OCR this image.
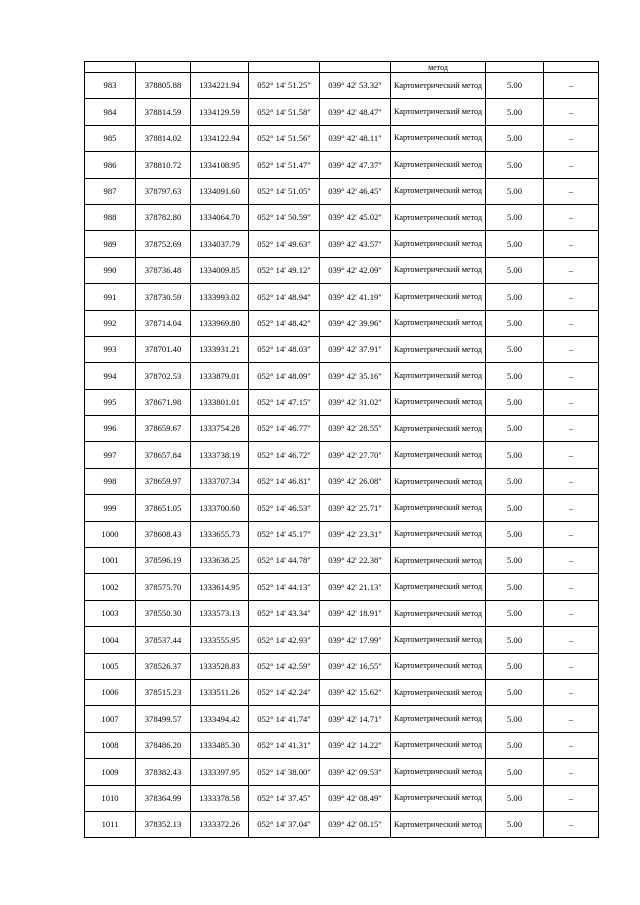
					метод		
983	378805.88	1334221.94	052° 14' 51.25"	039° 42' 53.32"	Картометрический метод	5.00	–
984	378814.59	1334129.59	052° 14' 51.58"	039° 42' 48.47"	Картометрический метод	5.00	–
985	378814.02	1334122.94	052° 14' 51.56"	039° 42' 48.11"	Картометрический метод	5.00	–
986	378810.72	1334108.95	052° 14' 51.47"	039° 42' 47.37"	Картометрический метод	5.00	–
987	378797.63	1334091.60	052° 14' 51.05"	039° 42' 46.45"	Картометрический метод	5.00	–
988	378782.80	1334064.70	052° 14' 50.59"	039° 42' 45.02"	Картометрический метод	5.00	–
989	378752.69	1334037.79	052° 14' 49.63"	039° 42' 43.57"	Картометрический метод	5.00	–
990	378736.48	1334009.85	052° 14' 49.12"	039° 42' 42.09"	Картометрический метод	5.00	–
991	378730.59	1333993.02	052° 14' 48.94"	039° 42' 41.19"	Картометрический метод	5.00	–
992	378714.04	1333969.80	052° 14' 48.42"	039° 42' 39.96"	Картометрический метод	5.00	–
993	378701.40	1333931.21	052° 14' 48.03"	039° 42' 37.91"	Картометрический метод	5.00	–
994	378702.53	1333879.01	052° 14' 48.09"	039° 42' 35.16"	Картометрический метод	5.00	–
995	378671.98	1333801.01	052° 14' 47.15"	039° 42' 31.02"	Картометрический метод	5.00	–
996	378659.67	1333754.28	052° 14' 46.77"	039° 42' 28.55"	Картометрический метод	5.00	–
997	378657.84	1333738.19	052° 14' 46.72"	039° 42' 27.70"	Картометрический метод	5.00	–
998	378659.97	1333707.34	052° 14' 46.81"	039° 42' 26.08"	Картометрический метод	5.00	–
999	378651.05	1333700.60	052° 14' 46.53"	039° 42' 25.71"	Картометрический метод	5.00	–
1000	378608.43	1333655.73	052° 14' 45.17"	039° 42' 23.31"	Картометрический метод	5.00	–
1001	378596.19	1333638.25	052° 14' 44.78"	039° 42' 22.38"	Картометрический метод	5.00	–
1002	378575.70	1333614.95	052° 14' 44.13"	039° 42' 21.13"	Картометрический метод	5.00	–
1003	378550.30	1333573.13	052° 14' 43.34"	039° 42' 18.91"	Картометрический метод	5.00	–
1004	378537.44	1333555.95	052° 14' 42.93"	039° 42' 17.99"	Картометрический метод	5.00	–
1005	378526.37	1333528.83	052° 14' 42.59"	039° 42' 16.55"	Картометрический метод	5.00	–
1006	378515.23	1333511.26	052° 14' 42.24"	039° 42' 15.62"	Картометрический метод	5.00	–
1007	378499.57	1333494.42	052° 14' 41.74"	039° 42' 14.71"	Картометрический метод	5.00	–
1008	378486.20	1333485.30	052° 14' 41.31"	039° 42' 14.22"	Картометрический метод	5.00	–
1009	378382.43	1333397.95	052° 14' 38.00"	039° 42' 09.53"	Картометрический метод	5.00	–
1010	378364.99	1333378.58	052° 14' 37.45"	039° 42' 08.49"	Картометрический метод	5.00	–
1011	378352.13	1333372.26	052° 14' 37.04"	039° 42' 08.15"	Картометрический метод	5.00	–
